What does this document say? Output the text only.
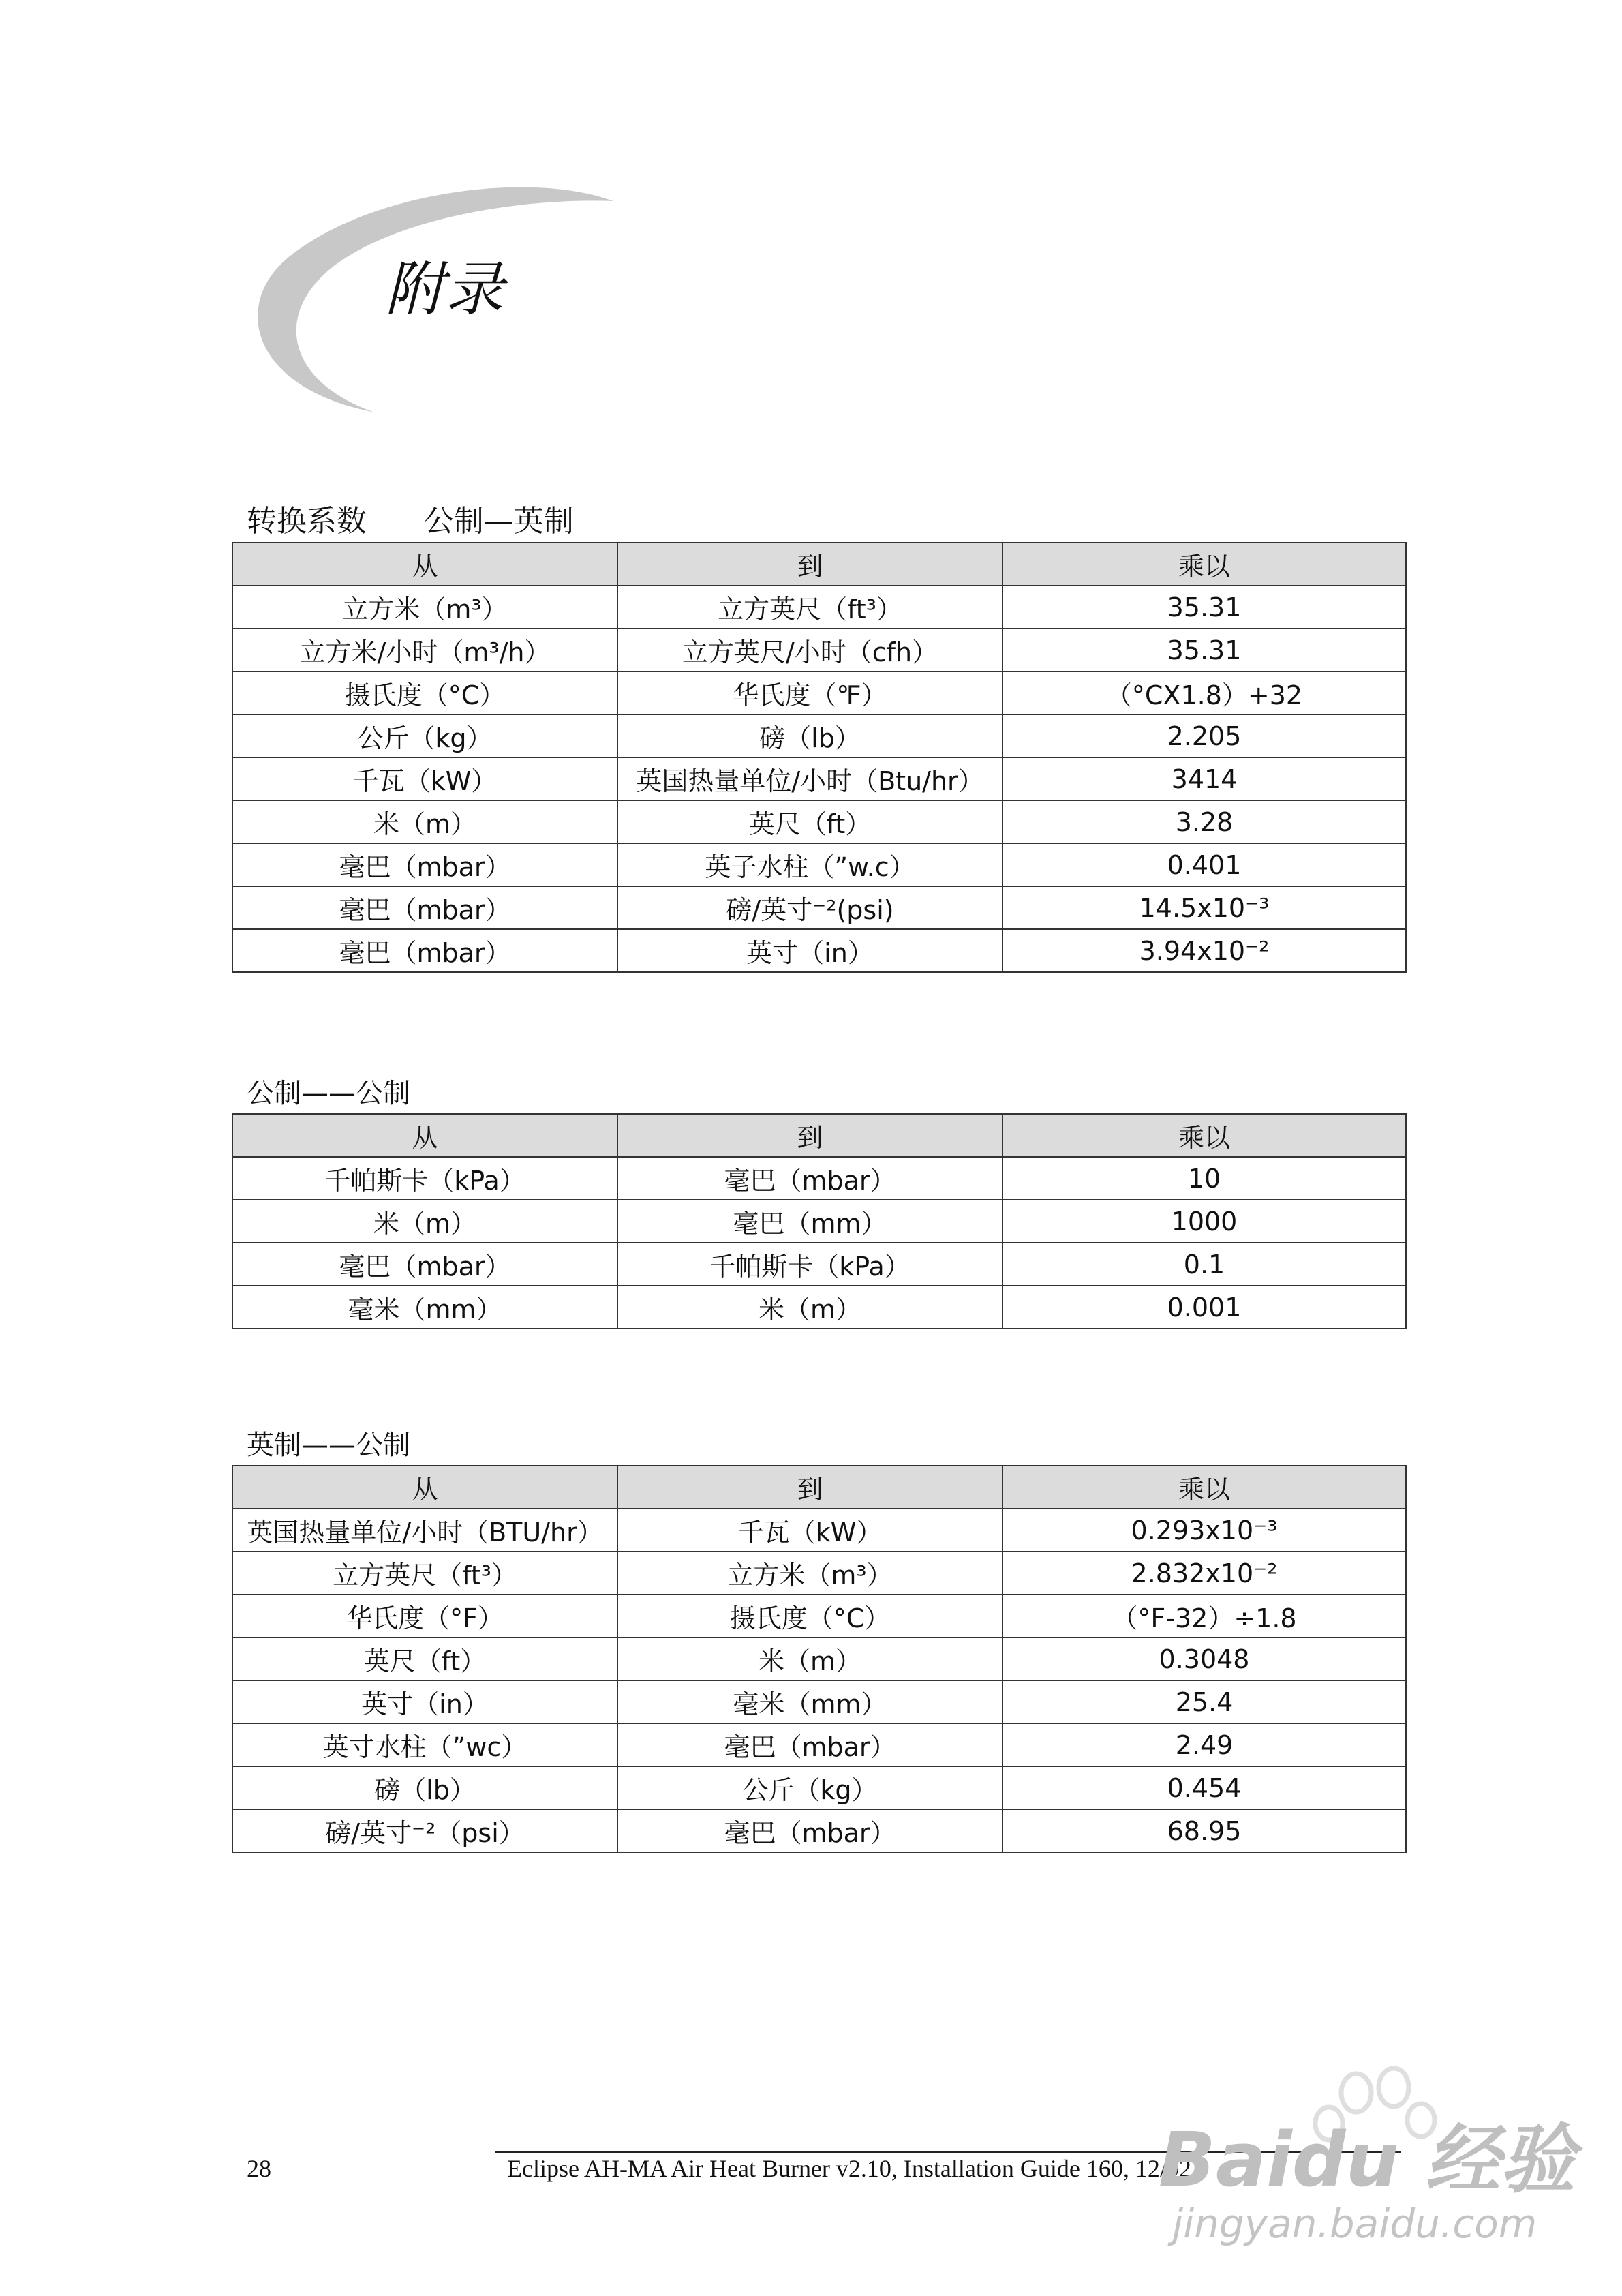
附录
转换系数 公制—英制
从	到	乘以
立方米（m³）	立方英尺（ft³）	35.31
立方米/小时（m³/h）	立方英尺/小时（cfh）	35.31
摄氏度（°C）	华氏度（℉）	（°CX1.8）+32
公斤（kg）	磅（lb）	2.205
千瓦（kW）	英国热量单位/小时（Btu/hr）	3414
米（m）	英尺（ft）	3.28
毫巴（mbar）	英子水柱（”w.c）	0.401
毫巴（mbar）	磅/英寸⁻²(psi)	14.5x10⁻³
毫巴（mbar）	英寸（in）	3.94x10⁻²
公制——公制
从	到	乘以
千帕斯卡（kPa）	毫巴（mbar）	10
米（m）	毫巴（mm）	1000
毫巴（mbar）	千帕斯卡（kPa）	0.1
毫米（mm）	米（m）	0.001
英制——公制
从	到	乘以
英国热量单位/小时（BTU/hr）	千瓦（kW）	0.293x10⁻³
立方英尺（ft³）	立方米（m³）	2.832x10⁻²
华氏度（°F）	摄氏度（°C）	（°F-32）÷1.8
英尺（ft）	米（m）	0.3048
英寸（in）	毫米（mm）	25.4
英寸水柱（”wc）	毫巴（mbar）	2.49
磅（lb）	公斤（kg）	0.454
磅/英寸⁻²（psi）	毫巴（mbar）	68.95
28	Eclipse AH-MA Air Heat Burner v2.10, Installation Guide 160, 12/02
Baidu 经验
jingyan.baidu.com
